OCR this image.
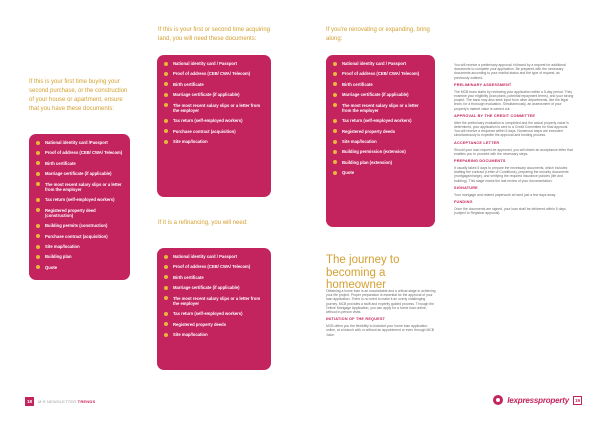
If this is your first time buying your second purchase, or the construction of your house or apartment, ensure that you have these documents:
If this is your first or second time acquiring land, you will need these documents:
If you're renovating or expanding, bring along:
If it is a refinancing, you will need:
National identity card /Passport
Proof of address (CEB/ CWA/ Telecom)
Birth certificate
Marriage certificate (if applicable)
The most recent salary slips or a letter from the employer
Tax return (self-employed workers)
Registered property deed (construction)
Building permits (construction)
Purchase contract (acquisition)
Site map/location
Building plan
Quote
National identity card / Passport
Proof of address (CEB/ CWA/ Telecom)
Birth certificate
Marriage certificate (if applicable)
The most recent salary slips or a letter from the employer
Tax return (self-employed workers)
Purchase contract (acquisition)
Site map/location
National identity card / Passport
Proof of address (CEB/ CWA/ Telecom)
Birth certificate
Marriage certificate (if applicable)
The most recent salary slips or a letter from the employer
Tax return (self-employed workers)
Registered property deeds
Site map/location
Building permission (extension)
Building plan (extension)
Quote
National identity card / Passport
Proof of address (CEB/ CWA/ Telecom)
Birth certificate
Marriage certificate (if applicable)
The most recent salary slips or a letter from the employer
Tax return (self-employed workers)
Registered property deeds
Site map/location
The journey to becoming a homeowner

Obtaining a home loan is an unavoidable and a critical stage in achieving your life project. Proper preparation is essential for the approval of your loan application. There is no need to make it an overly challenging journey. MCB provides a swift and expertly guided process. Through the Online Mortgage Application, you can apply for a home loan online, without in-person visits.

INITIATION OF THE REQUEST

MCB offers you the flexibility to kickstart your home loan application online, at a branch with or without an appointment or even through MCB Juice.

You will receive a preliminary approval, followed by a request for additional documents to complete your application. Be prepared with the necessary documents according to your marital status and the type of request, as previously outlined.

PRELIMINARY ASSESSMENT

The MCB team starts by reviewing your application within a 5-day period. They examine your eligibility (loan plans, potential repayment terms), and your strong project. The bank may also seek input from other departments, like the legal team, for a thorough evaluation. Simultaneously, an assessment of your property's market value is carried out.

APPROVAL BY THE CREDIT COMMITTEE

After the preliminary evaluation is completed and the actual property value is determined, your application is sent to a Credit Committee for final approval. You will receive a response within 5 days. Numerous steps are executed simultaneously to expedite the approval and funding process.

ACCEPTANCE LETTER

Should your loan request be approved, you will obtain an acceptance letter that enables you to proceed with the necessary steps.

PREPARING DOCUMENTS

It usually takes 5 days to prepare the necessary documents, which includes drafting the contract (Letter of Conditions), preparing the security documents (mortgage/charge), and verifying the required insurance policies (life and building). This stage marks the last review of your documentation.

SIGNATURE

Your mortgage and related paperwork at hand just a few days away.

FUNDING

Once the documents are signed, your loan shall be delivered within 5 days (subject to Registrar approval).

18	M:S NEWSLETTER TRENDS	lexpressproperty	19
